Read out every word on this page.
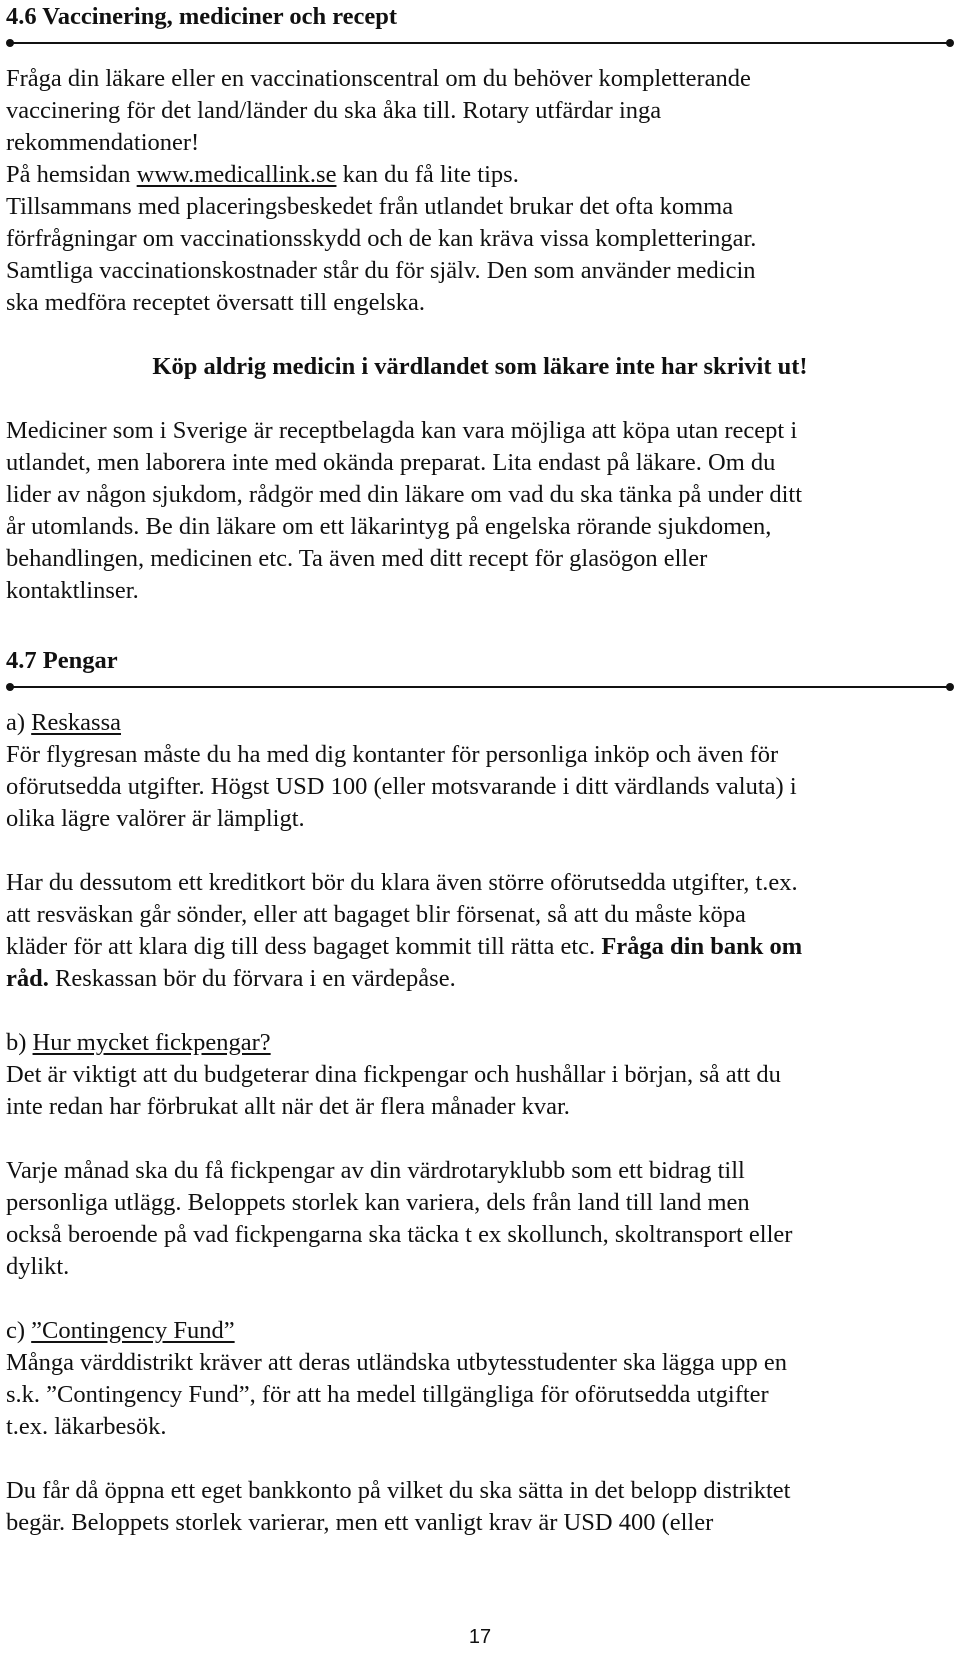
4.6 Vaccinering, mediciner och recept
Fråga din läkare eller en vaccinationscentral om du behöver kompletterande
vaccinering för det land/länder du ska åka till. Rotary utfärdar inga
rekommendationer!
På hemsidan www.medicallink.se kan du få lite tips.
Tillsammans med placeringsbeskedet från utlandet brukar det ofta komma
förfrågningar om vaccinationsskydd och de kan kräva vissa kompletteringar.
Samtliga vaccinationskostnader står du för själv. Den som använder medicin
ska medföra receptet översatt till engelska.
Köp aldrig medicin i värdlandet som läkare inte har skrivit ut!
Mediciner som i Sverige är receptbelagda kan vara möjliga att köpa utan recept i
utlandet, men laborera inte med okända preparat. Lita endast på läkare. Om du
lider av någon sjukdom, rådgör med din läkare om vad du ska tänka på under ditt
år utomlands. Be din läkare om ett läkarintyg på engelska rörande sjukdomen,
behandlingen, medicinen etc. Ta även med ditt recept för glasögon eller
kontaktlinser.
4.7 Pengar
a) Reskassa
För flygresan måste du ha med dig kontanter för personliga inköp och även för
oförutsedda utgifter. Högst USD 100 (eller motsvarande i ditt värdlands valuta) i
olika lägre valörer är lämpligt.
Har du dessutom ett kreditkort bör du klara även större oförutsedda utgifter, t.ex.
att resväskan går sönder, eller att bagaget blir försenat, så att du måste köpa
kläder för att klara dig till dess bagaget kommit till rätta etc. Fråga din bank om
råd. Reskassan bör du förvara i en värdepåse.
b) Hur mycket fickpengar?
Det är viktigt att du budgeterar dina fickpengar och hushållar i början, så att du
inte redan har förbrukat allt när det är flera månader kvar.
Varje månad ska du få fickpengar av din värdrotaryklubb som ett bidrag till
personliga utlägg. Beloppets storlek kan variera, dels från land till land men
också beroende på vad fickpengarna ska täcka t ex skollunch, skoltransport eller
dylikt.
c) ”Contingency Fund”
Många värddistrikt kräver att deras utländska utbytesstudenter ska lägga upp en
s.k. ”Contingency Fund”, för att ha medel tillgängliga för oförutsedda utgifter
t.ex. läkarbesök.
Du får då öppna ett eget bankkonto på vilket du ska sätta in det belopp distriktet
begär. Beloppets storlek varierar, men ett vanligt krav är USD 400 (eller
17
